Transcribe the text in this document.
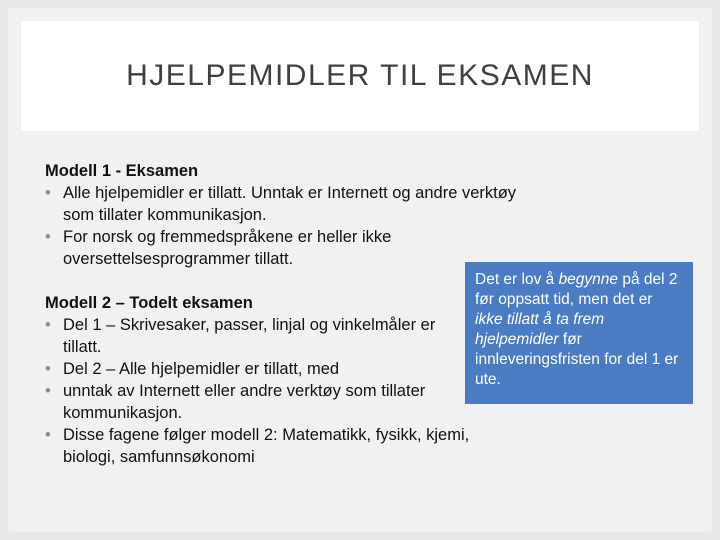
HJELPEMIDLER TIL EKSAMEN
Modell 1 - Eksamen
• Alle hjelpemidler er tillatt. Unntak er Internett og andre verktøy som tillater kommunikasjon.
• For norsk og fremmedspråkene er heller ikke oversettelsesprogrammer tillatt.
Modell 2 – Todelt eksamen
• Del 1 – Skrivesaker, passer, linjal og vinkelmåler er tillatt.
• Del 2 – Alle hjelpemidler er tillatt, med
• unntak av Internett eller andre verktøy som tillater kommunikasjon.
• Disse fagene følger modell 2: Matematikk, fysikk, kjemi, biologi, samfunnsøkonomi
Det er lov å begynne på del 2 før oppsatt tid, men det er ikke tillatt å ta frem hjelpemidler før innleveringsfristen for del 1 er ute.
